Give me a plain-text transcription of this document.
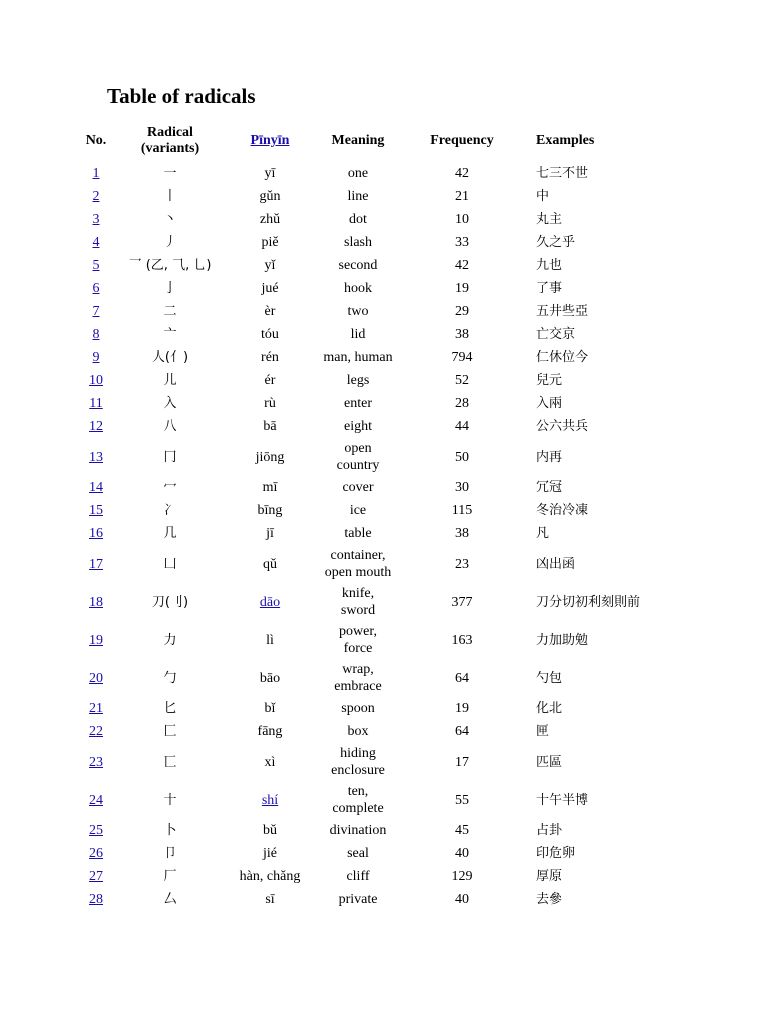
Table of radicals
No.	Radical
(variants)	Pīnyīn	Meaning	Frequency	Examples
1	一	yī	one	42	七三不世
2	丨	gǔn	line	21	中
3	丶	zhǔ	dot	10	丸主
4	丿	piě	slash	33	久之乎
5	乛 (乙, ⺄, ⺃)	yǐ	second	42	九也
6	亅	jué	hook	19	了事
7	二	èr	two	29	五井些亞
8	亠	tóu	lid	38	亡交京
9	人(亻)	rén	man, human	794	仁休位今
10	儿	ér	legs	52	兒元
11	入	rù	enter	28	入兩
12	八	bā	eight	44	公六共兵
13	冂	jiōng	open
country	50	内再
14	冖	mī	cover	30	冗冠
15	冫	bīng	ice	115	冬治冷凍
16	几	jī	table	38	凡
17	凵	qǔ	container,
open mouth	23	凶出函
18	刀(刂)	dāo	knife,
sword	377	刀分切初利刻則前
19	力	lì	power,
force	163	力加助勉
20	勹	bāo	wrap,
embrace	64	勺包
21	匕	bǐ	spoon	19	化北
22	匚	fāng	box	64	匣
23	匸	xì	hiding
enclosure	17	匹區
24	十	shí	ten,
complete	55	十午半博
25	卜	bǔ	divination	45	占卦
26	卩	jié	seal	40	印危卵
27	厂	hàn, chǎng	cliff	129	厚原
28	厶	sī	private	40	去參
